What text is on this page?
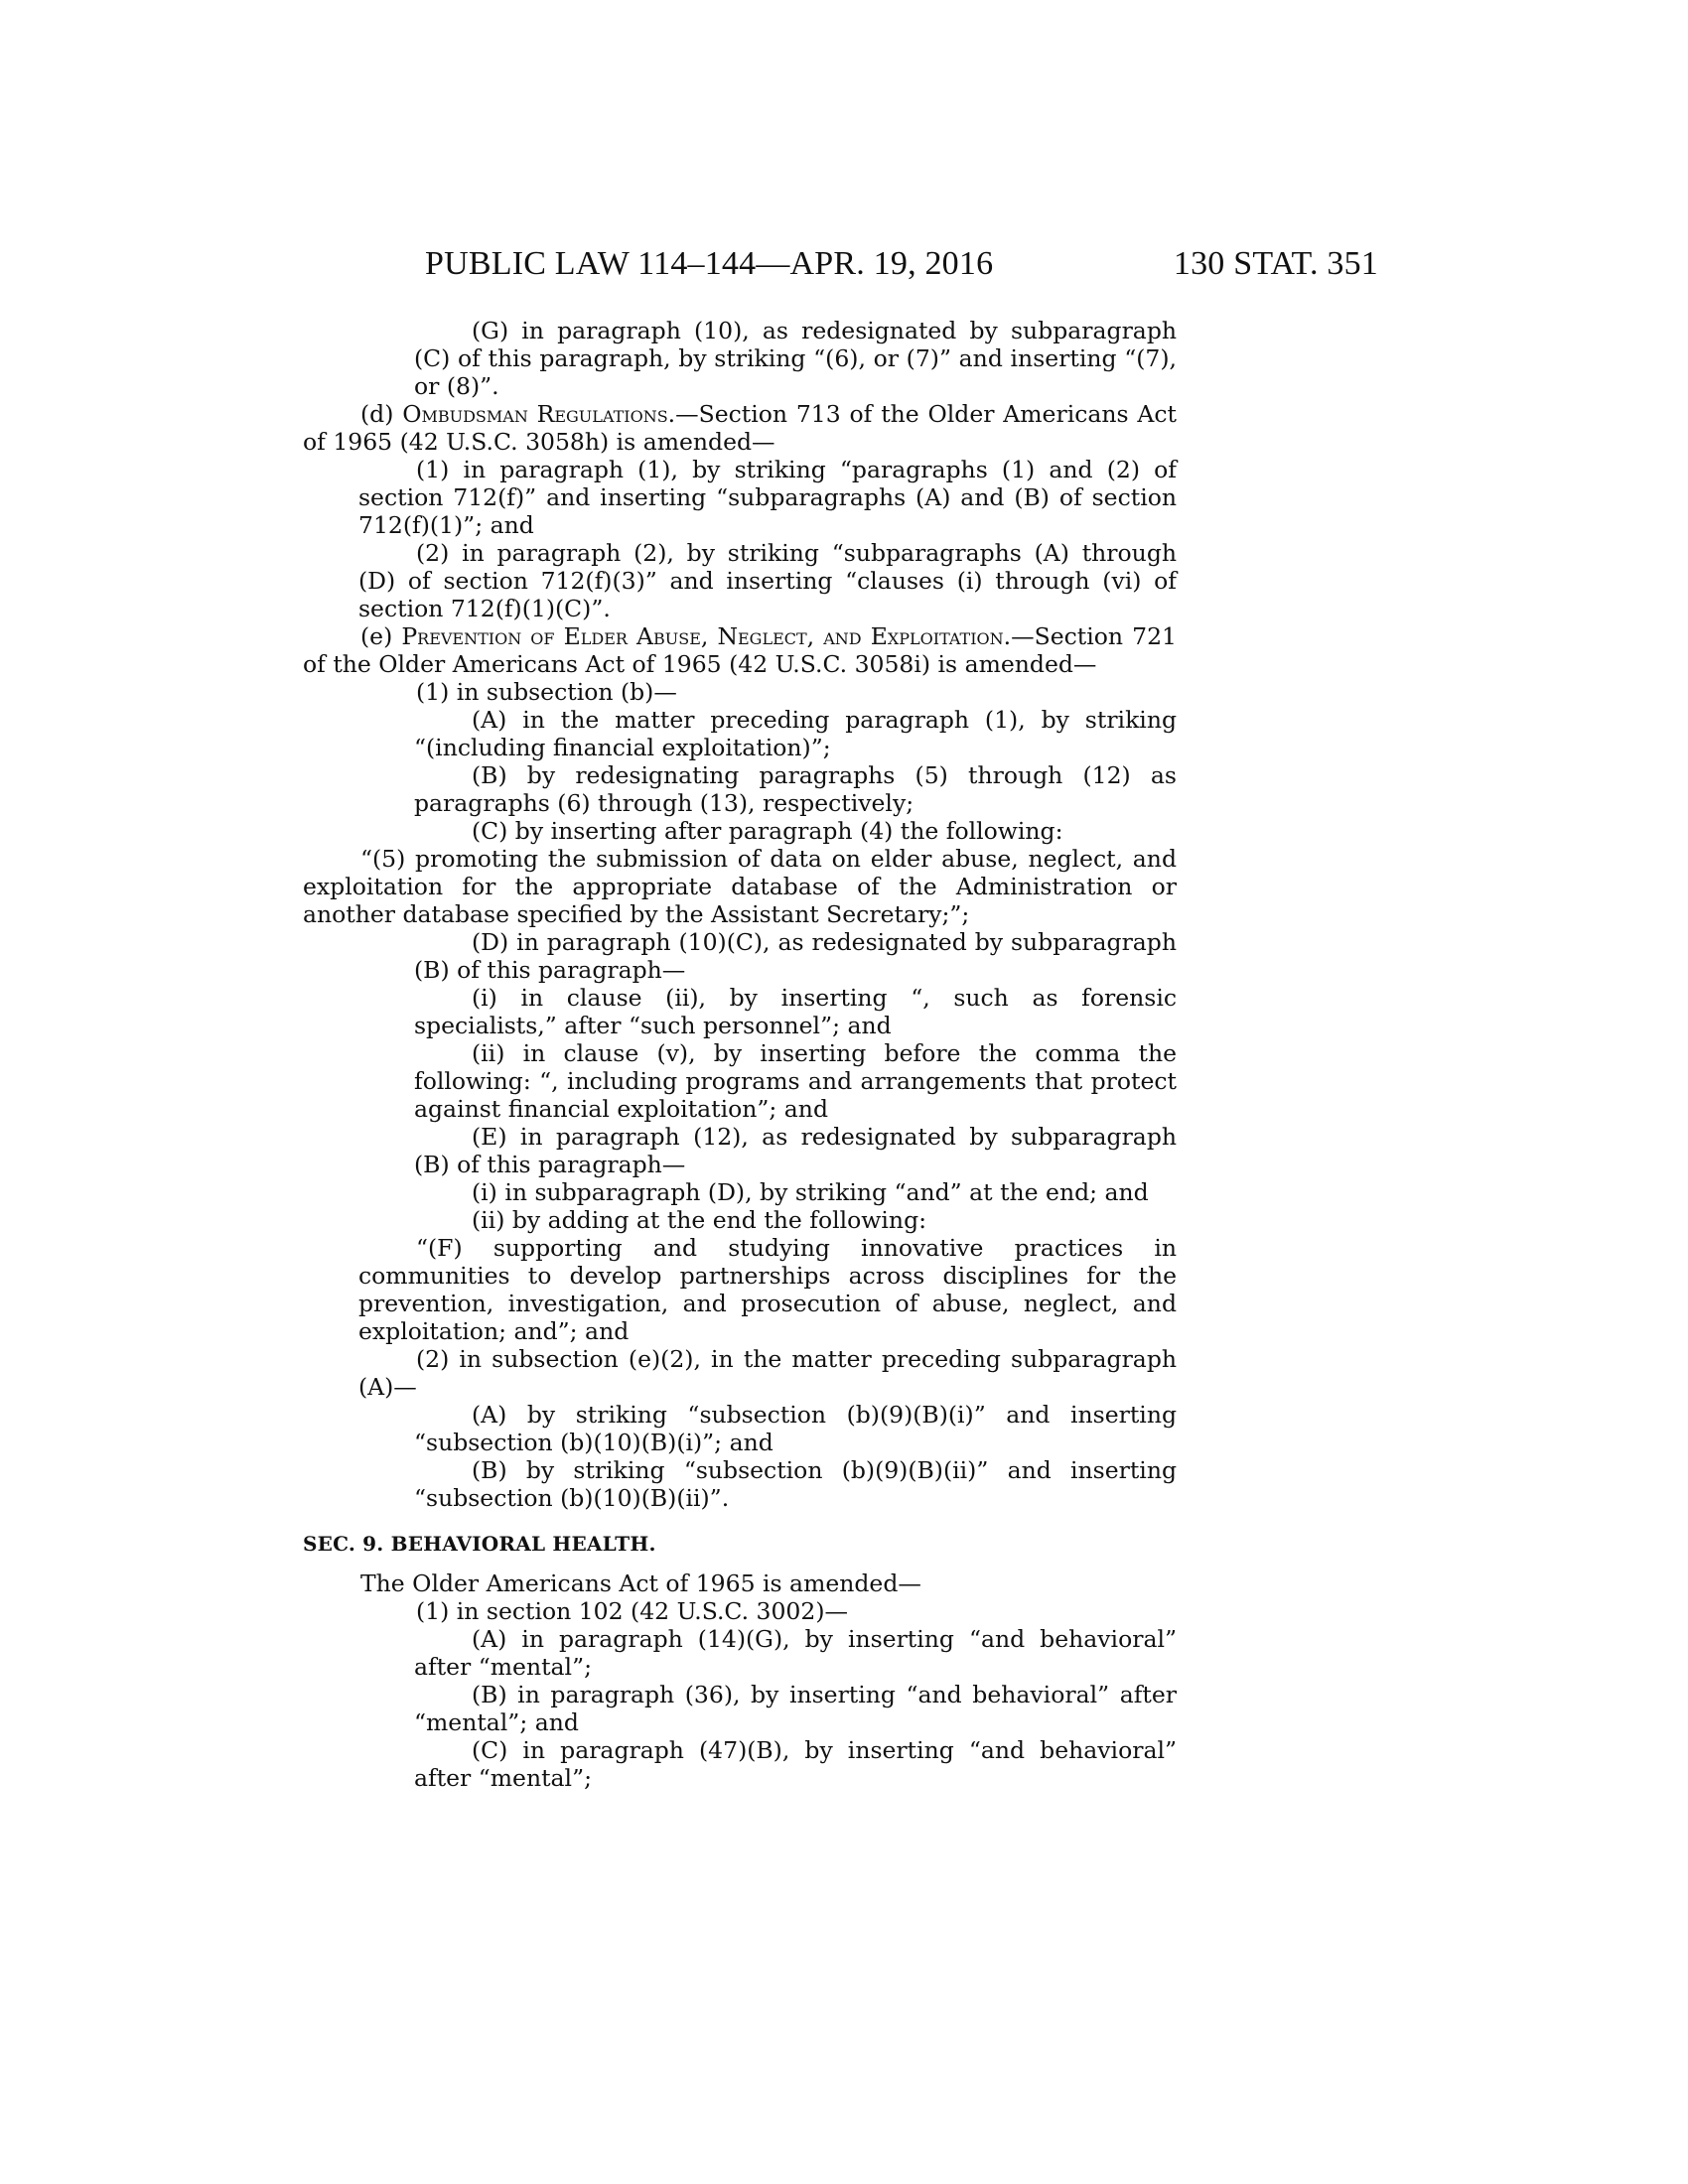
PUBLIC LAW 114–144—APR. 19, 2016	130 STAT. 351

(G) in paragraph (10), as redesignated by subparagraph (C) of this paragraph, by striking “(6), or (7)” and inserting “(7), or (8)”.

(d) Ombudsman Regulations.—Section 713 of the Older Americans Act of 1965 (42 U.S.C. 3058h) is amended—

(1) in paragraph (1), by striking “paragraphs (1) and (2) of section 712(f)” and inserting “subparagraphs (A) and (B) of section 712(f)(1)”; and

(2) in paragraph (2), by striking “subparagraphs (A) through (D) of section 712(f)(3)” and inserting “clauses (i) through (vi) of section 712(f)(1)(C)”.

(e) Prevention of Elder Abuse, Neglect, and Exploitation.—Section 721 of the Older Americans Act of 1965 (42 U.S.C. 3058i) is amended—

(1) in subsection (b)—

(A) in the matter preceding paragraph (1), by striking “(including financial exploitation)”;

(B) by redesignating paragraphs (5) through (12) as paragraphs (6) through (13), respectively;

(C) by inserting after paragraph (4) the following:

“(5) promoting the submission of data on elder abuse, neglect, and exploitation for the appropriate database of the Administration or another database specified by the Assistant Secretary;”;

(D) in paragraph (10)(C), as redesignated by subparagraph (B) of this paragraph—

(i) in clause (ii), by inserting “, such as forensic specialists,” after “such personnel”; and

(ii) in clause (v), by inserting before the comma the following: “, including programs and arrangements that protect against financial exploitation”; and

(E) in paragraph (12), as redesignated by subparagraph (B) of this paragraph—

(i) in subparagraph (D), by striking “and” at the end; and

(ii) by adding at the end the following:

“(F) supporting and studying innovative practices in communities to develop partnerships across disciplines for the prevention, investigation, and prosecution of abuse, neglect, and exploitation; and”; and

(2) in subsection (e)(2), in the matter preceding subparagraph (A)—

(A) by striking “subsection (b)(9)(B)(i)” and inserting “subsection (b)(10)(B)(i)”; and

(B) by striking “subsection (b)(9)(B)(ii)” and inserting “subsection (b)(10)(B)(ii)”.

SEC. 9. BEHAVIORAL HEALTH.

The Older Americans Act of 1965 is amended—

(1) in section 102 (42 U.S.C. 3002)—

(A) in paragraph (14)(G), by inserting “and behavioral” after “mental”;

(B) in paragraph (36), by inserting “and behavioral” after “mental”; and

(C) in paragraph (47)(B), by inserting “and behavioral” after “mental”;
